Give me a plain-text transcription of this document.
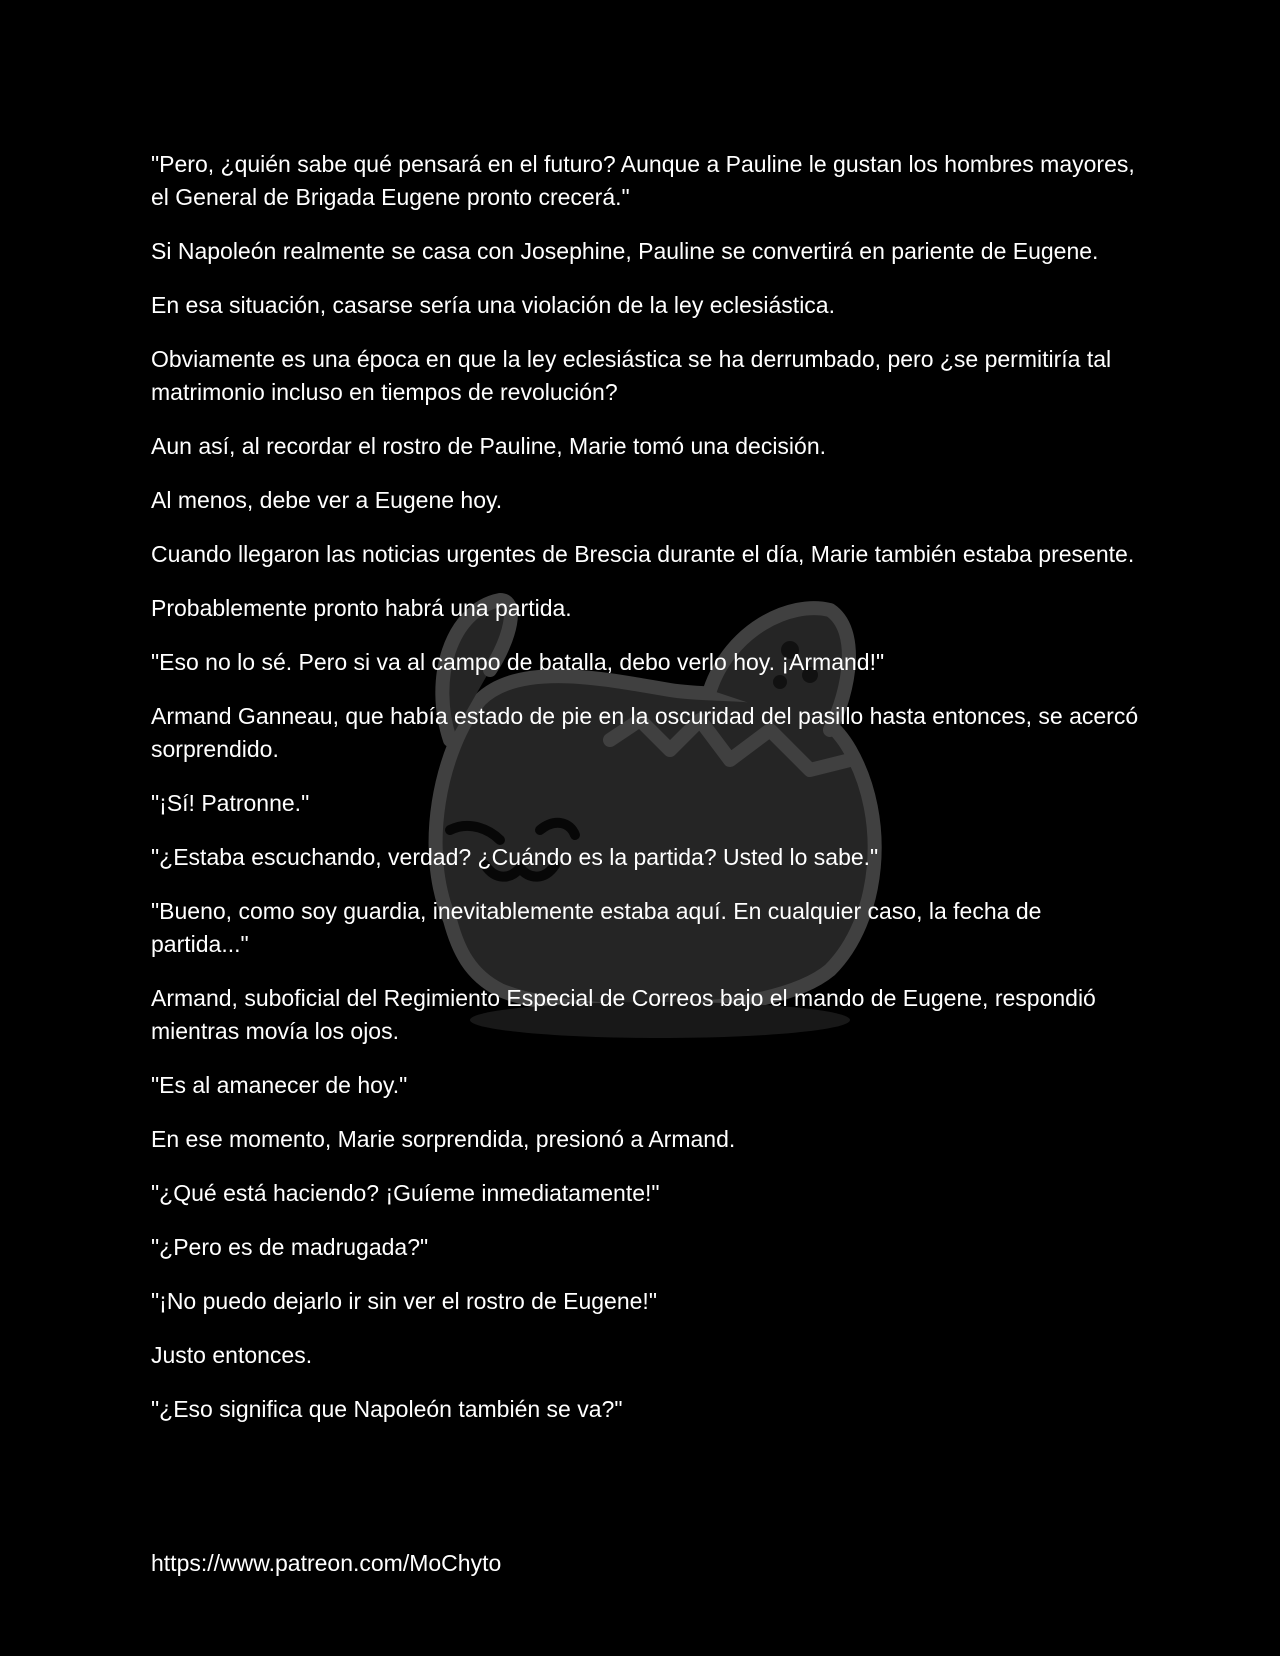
"Pero, ¿quién sabe qué pensará en el futuro? Aunque a Pauline le gustan los hombres mayores, el General de Brigada Eugene pronto crecerá."

Si Napoleón realmente se casa con Josephine, Pauline se convertirá en pariente de Eugene.

En esa situación, casarse sería una violación de la ley eclesiástica.

Obviamente es una época en que la ley eclesiástica se ha derrumbado, pero ¿se permitiría tal matrimonio incluso en tiempos de revolución?

Aun así, al recordar el rostro de Pauline, Marie tomó una decisión.

Al menos, debe ver a Eugene hoy.

Cuando llegaron las noticias urgentes de Brescia durante el día, Marie también estaba presente.

Probablemente pronto habrá una partida.

"Eso no lo sé. Pero si va al campo de batalla, debo verlo hoy. ¡Armand!"

Armand Ganneau, que había estado de pie en la oscuridad del pasillo hasta entonces, se acercó sorprendido.

"¡Sí! Patronne."

"¿Estaba escuchando, verdad? ¿Cuándo es la partida? Usted lo sabe."

"Bueno, como soy guardia, inevitablemente estaba aquí. En cualquier caso, la fecha de partida..."

Armand, suboficial del Regimiento Especial de Correos bajo el mando de Eugene, respondió mientras movía los ojos.

"Es al amanecer de hoy."

En ese momento, Marie sorprendida, presionó a Armand.

"¿Qué está haciendo? ¡Guíeme inmediatamente!"

"¿Pero es de madrugada?"

"¡No puedo dejarlo ir sin ver el rostro de Eugene!"

Justo entonces.

"¿Eso significa que Napoleón también se va?"

https://www.patreon.com/MoChyto
